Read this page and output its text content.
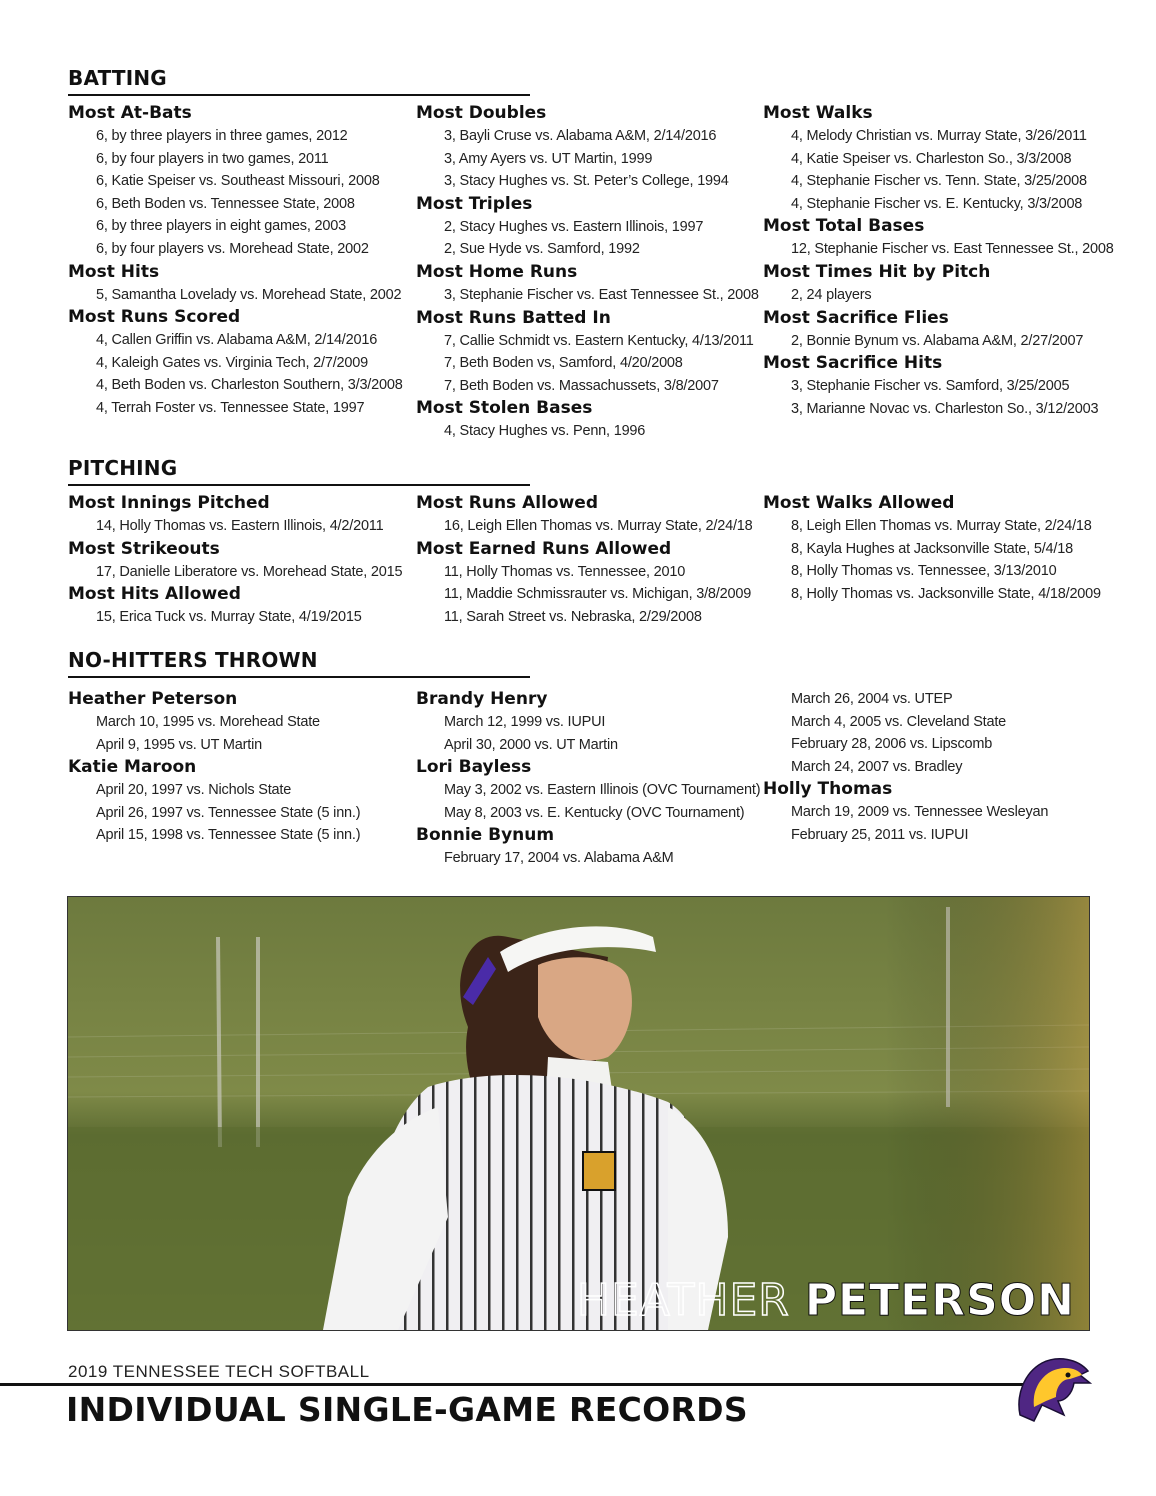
BATTING
Most At-Bats
6, by three players in three games, 2012
6, by four players in two games, 2011
6, Katie Speiser vs. Southeast Missouri, 2008
6, Beth Boden vs. Tennessee State, 2008
6, by three players in eight games, 2003
6, by four players vs. Morehead State, 2002
Most Hits
5, Samantha Lovelady vs. Morehead State, 2002
Most Runs Scored
4, Callen Griffin vs. Alabama A&M, 2/14/2016
4, Kaleigh Gates vs. Virginia Tech, 2/7/2009
4, Beth Boden vs. Charleston Southern, 3/3/2008
4, Terrah Foster vs. Tennessee State, 1997
Most Doubles
3, Bayli Cruse vs. Alabama A&M, 2/14/2016
3, Amy Ayers vs. UT Martin, 1999
3, Stacy Hughes vs. St. Peter’s College, 1994
Most Triples
2, Stacy Hughes vs. Eastern Illinois, 1997
2, Sue Hyde vs. Samford, 1992
Most Home Runs
3, Stephanie Fischer vs. East Tennessee St., 2008
Most Runs Batted In
7, Callie Schmidt vs. Eastern Kentucky, 4/13/2011
7, Beth Boden vs, Samford, 4/20/2008
7, Beth Boden vs. Massachussets, 3/8/2007
Most Stolen Bases
4, Stacy Hughes vs. Penn, 1996
Most Walks
4, Melody Christian vs. Murray State, 3/26/2011
4, Katie Speiser vs. Charleston So., 3/3/2008
4, Stephanie Fischer vs. Tenn. State, 3/25/2008
4, Stephanie Fischer vs. E. Kentucky, 3/3/2008
Most Total Bases
12, Stephanie Fischer vs. East Tennessee St., 2008
Most Times Hit by Pitch
2, 24 players
Most Sacrifice Flies
2, Bonnie Bynum vs. Alabama A&M, 2/27/2007
Most Sacrifice Hits
3, Stephanie Fischer vs. Samford, 3/25/2005
3, Marianne Novac vs. Charleston So., 3/12/2003
PITCHING
Most Innings Pitched
14, Holly Thomas vs. Eastern Illinois, 4/2/2011
Most Strikeouts
17, Danielle Liberatore vs. Morehead State, 2015
Most Hits Allowed
15, Erica Tuck vs. Murray State, 4/19/2015
Most Runs Allowed
16, Leigh Ellen Thomas vs. Murray State, 2/24/18
Most Earned Runs Allowed
11, Holly Thomas vs. Tennessee, 2010
11, Maddie Schmissrauter vs. Michigan, 3/8/2009
11, Sarah Street vs. Nebraska, 2/29/2008
Most Walks Allowed
8, Leigh Ellen Thomas vs. Murray State, 2/24/18
8, Kayla Hughes at Jacksonville State, 5/4/18
8, Holly Thomas vs. Tennessee, 3/13/2010
8, Holly Thomas vs. Jacksonville State, 4/18/2009
NO-HITTERS THROWN
Heather Peterson
March 10, 1995 vs. Morehead State
April 9, 1995 vs. UT Martin
Katie Maroon
April 20, 1997 vs. Nichols State
April 26, 1997 vs. Tennessee State (5 inn.)
April 15, 1998 vs. Tennessee State (5 inn.)
Brandy Henry
March 12, 1999 vs. IUPUI
April 30, 2000 vs. UT Martin
Lori Bayless
May 3, 2002 vs. Eastern Illinois (OVC Tournament)
May 8, 2003 vs. E. Kentucky (OVC Tournament)
Bonnie Bynum
February 17, 2004 vs. Alabama A&M
March 26, 2004 vs. UTEP
March 4, 2005 vs. Cleveland State
February 28, 2006 vs. Lipscomb
March 24, 2007 vs. Bradley
Holly Thomas
March 19, 2009 vs. Tennessee Wesleyan
February 25, 2011 vs. IUPUI
HEATHER PETERSON
2019 TENNESSEE TECH SOFTBALL
INDIVIDUAL SINGLE-GAME RECORDS
